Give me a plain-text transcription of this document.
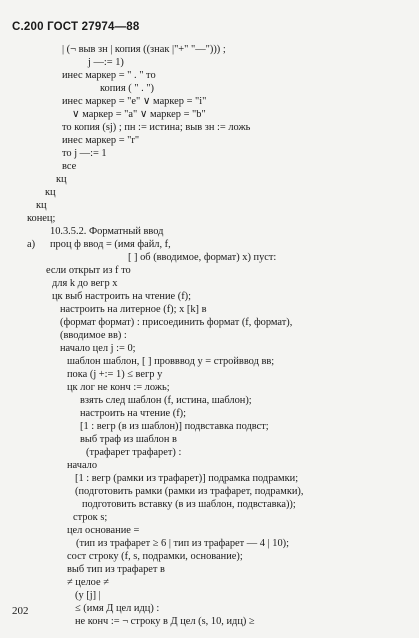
С.200 ГОСТ 27974—88
| (¬ выв зн | копия ((знак |"+" "—"))) ;
j —:= 1)
инес маркер = " . " то
копия ( " . ")
инес маркер = "e" ∨ маркер = "i"
∨ маркер = "a" ∨ маркер = "b"
то копия (sj) ; пн := истина; выв зн := ложь
инес маркер = "r"
то j —:= 1
все
кц
кц
кц
конец;
10.3.5.2. Форматный ввод
а) проц ф ввод = (имя файл, f,
[ ] об (вводимое, формат) x) пуст:
если открыт из f то
для k до вегр x
цк выб настроить на чтение (f);
настроить на литерное (f); x [k] в
(формат формат) : присоединить формат (f, формат),
(вводимое вв) :
начало цел j := 0;
шаблон шаблон, [ ] провввод y = стройввод вв;
пока (j +:= 1) ≤ вегр y
цк лог не конч := ложь;
взять след шаблон (f, истина, шаблон);
настроить на чтение (f);
[1 : вегр (в из шаблон)] подвставка подвст;
выб траф из шаблон в
(трафарет трафарет) :
начало
[1 : вегр (рамки из трафарет)] подрамка подрамки;
(подготовить рамки (рамки из трафарет, подрамки),
подготовить вставку (в из шаблон, подвставка));
строк s;
цел основание =
(тип из трафарет ≥ 6 | тип из трафарет — 4 | 10);
сост строку (f, s, подрамки, основание);
выб тип из трафарет в
≠ целое ≠
(y [j] |
≤ (имя Д цел идц) :
не конч := ¬ строку в Д цел (s, 10, идц) ≥
202
